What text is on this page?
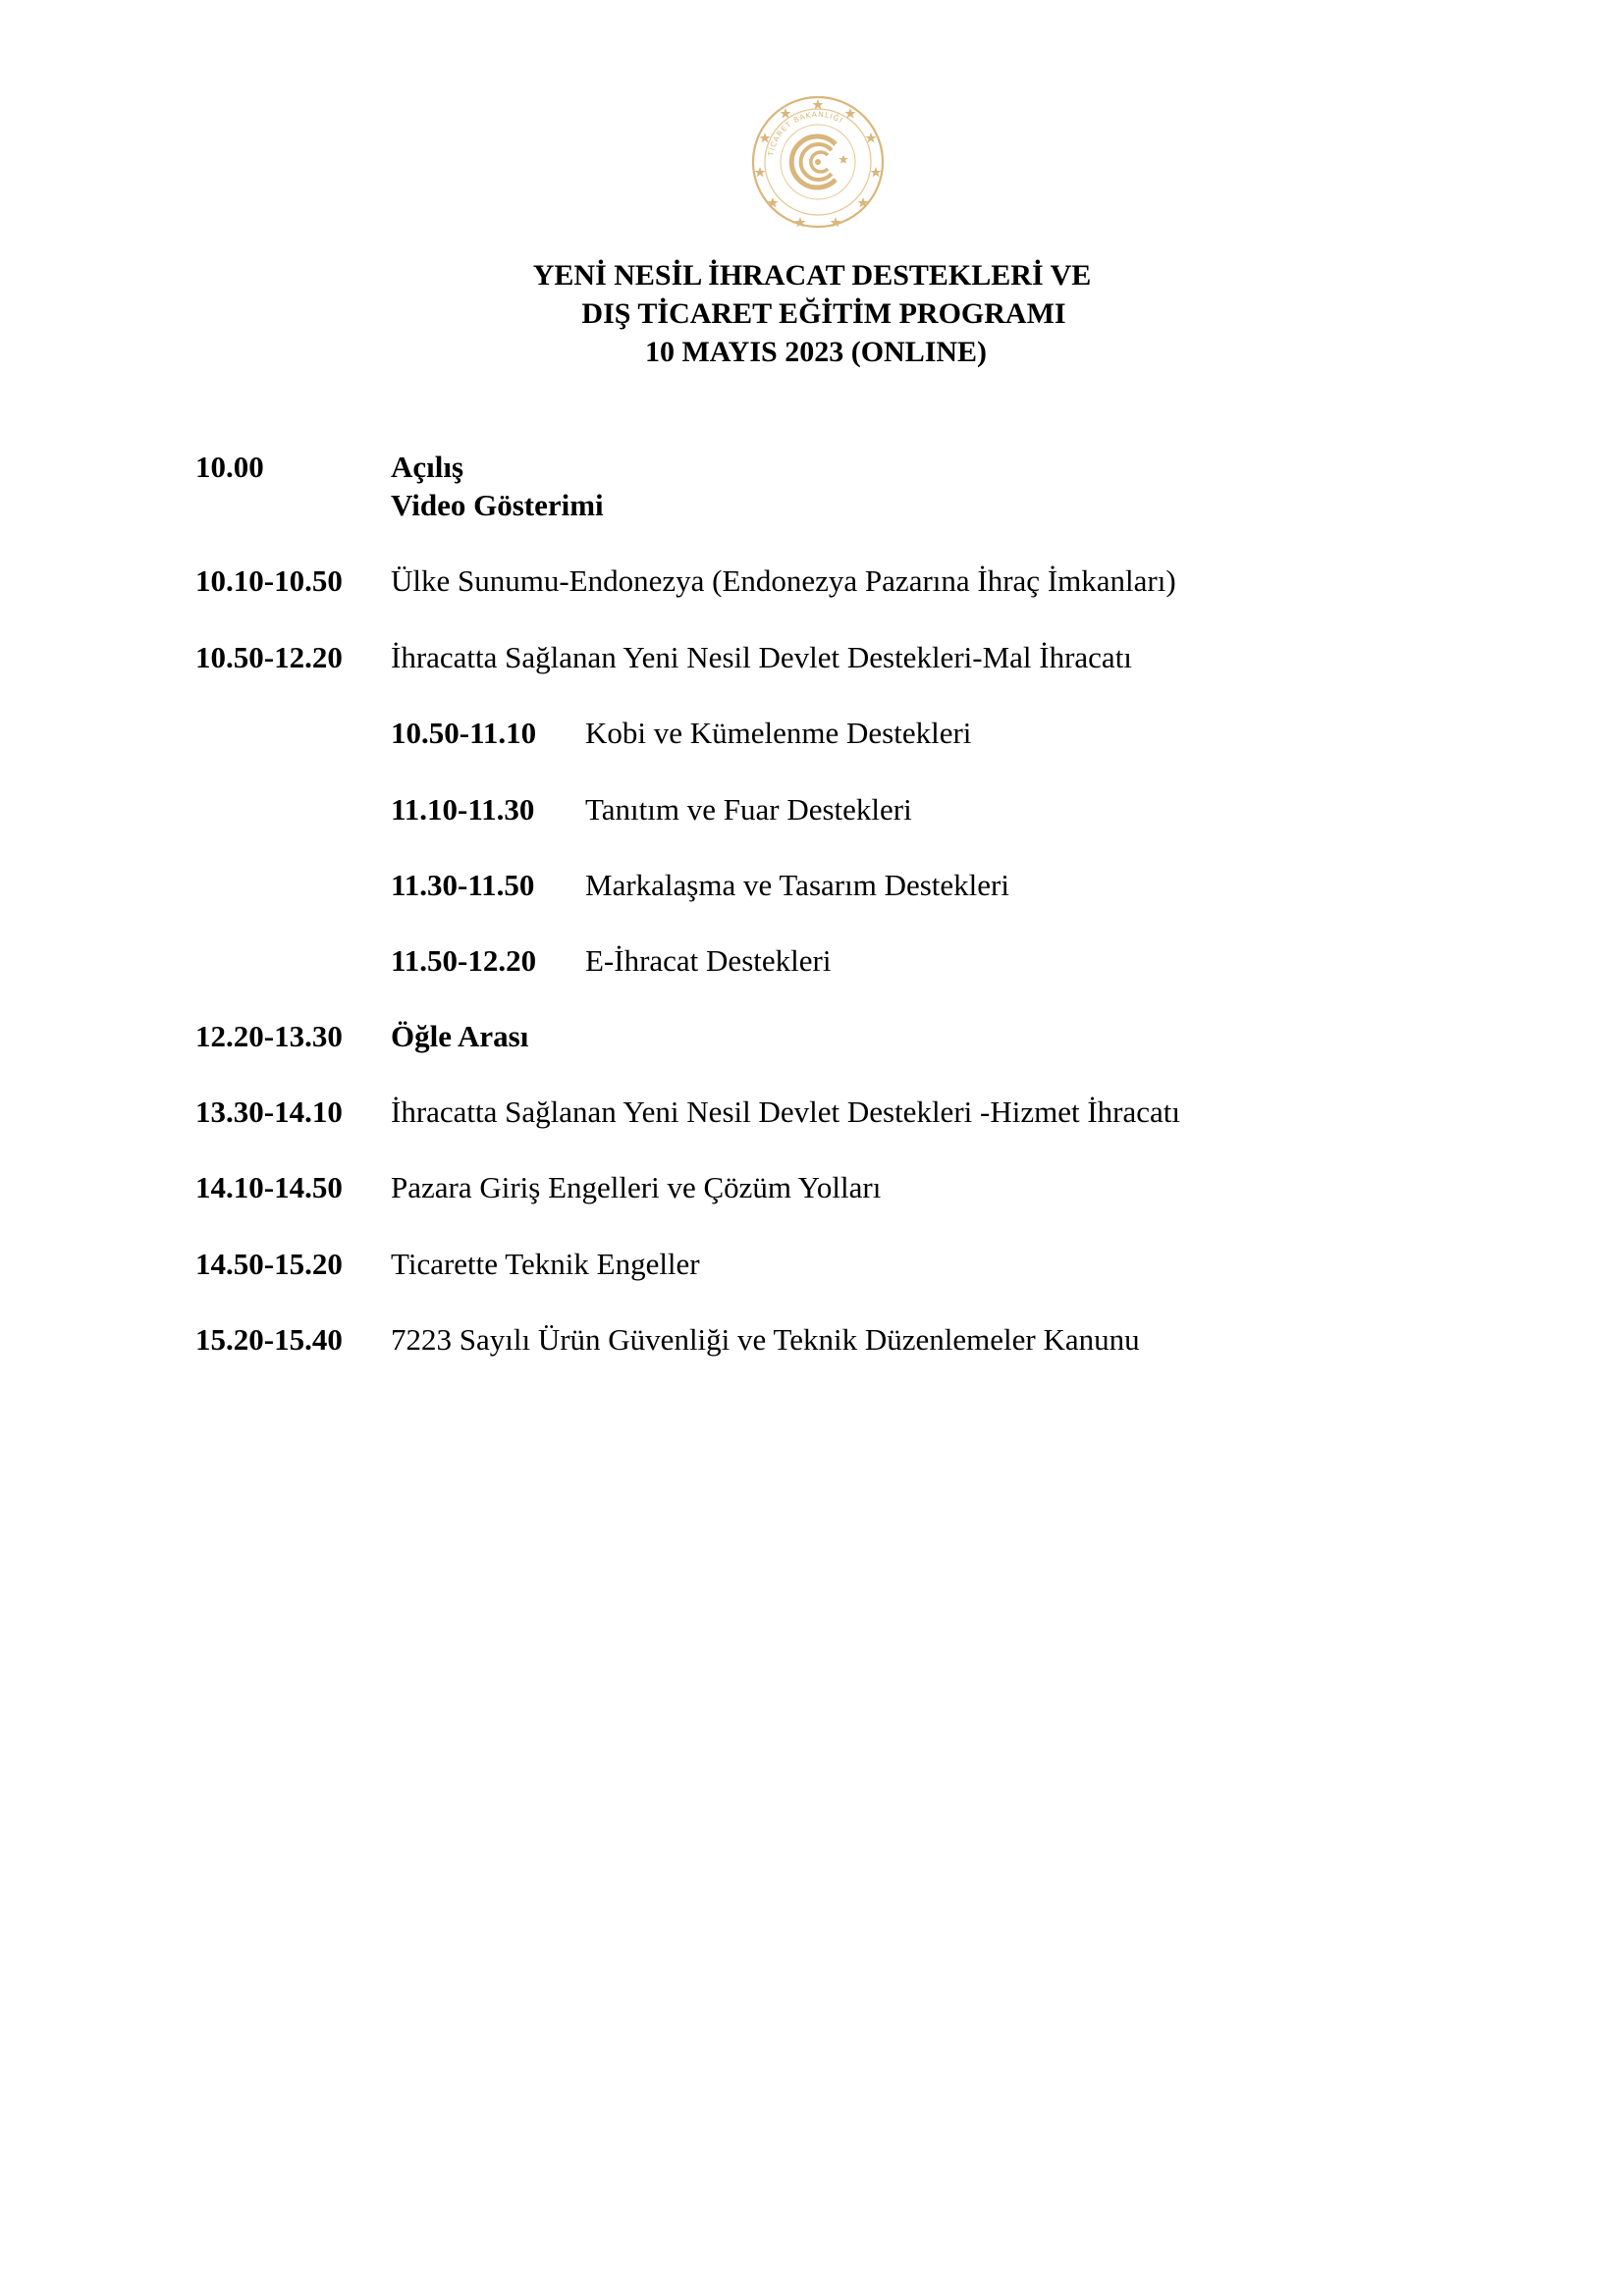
TİCARET BAKANLIĞI
YENİ NESİL İHRACAT DESTEKLERİ VE
DIŞ TİCARET EĞİTİM PROGRAMI
10 MAYIS 2023 (ONLINE)
10.00	Açılış
Video Gösterimi
10.10-10.50 Ülke Sunumu-Endonezya (Endonezya Pazarına İhraç İmkanları)
10.50-12.20 İhracatta Sağlanan Yeni Nesil Devlet Destekleri-Mal İhracatı
10.50-11.10 Kobi ve Kümelenme Destekleri
11.10-11.30 Tanıtım ve Fuar Destekleri
11.30-11.50 Markalaşma ve Tasarım Destekleri
11.50-12.20 E-İhracat Destekleri
12.20-13.30 Öğle Arası
13.30-14.10 İhracatta Sağlanan Yeni Nesil Devlet Destekleri -Hizmet İhracatı
14.10-14.50 Pazara Giriş Engelleri ve Çözüm Yolları
14.50-15.20 Ticarette Teknik Engeller
15.20-15.40 7223 Sayılı Ürün Güvenliği ve Teknik Düzenlemeler Kanunu
